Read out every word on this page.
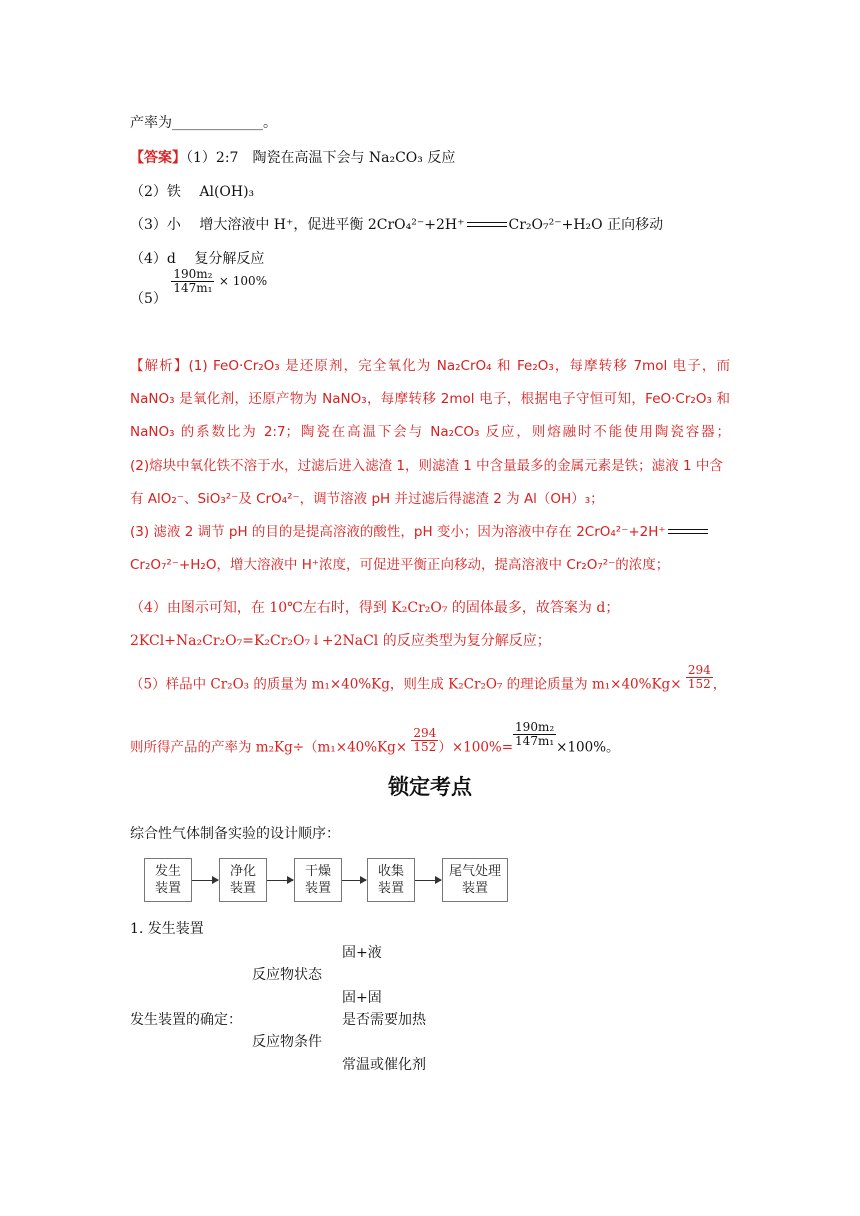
产率为_____________。
【答案】（1）2:7　陶瓷在高温下会与 Na₂CO₃ 反应
（2）铁　 Al(OH)₃
（3）小　 增大溶液中 H⁺，促进平衡 2CrO₄²⁻+2H⁺	Cr₂O₇²⁻+H₂O 正向移动
（4）d　 复分解反应
（5）
$\frac{\text{190m₂}}{\text{147m₁}} \times 100\%$
【解析】(1) FeO·Cr₂O₃ 是还原剂，完全氧化为 Na₂CrO₄ 和 Fe₂O₃，每摩转移 7mol 电子，而 NaNO₃ 是氧化剂，还原产物为 NaNO₃，每摩转移 2mol 电子，根据电子守恒可知，FeO·Cr₂O₃ 和 NaNO₃ 的系数比为 2:7；陶瓷在高温下会与 Na₂CO₃ 反应，则熔融时不能使用陶瓷容器；
(2)熔块中氧化铁不溶于水，过滤后进入滤渣 1，则滤渣 1 中含量最多的金属元素是铁；滤液 1 中含有 AlO₂⁻、SiO₃²⁻及 CrO₄²⁻，调节溶液 pH 并过滤后得滤渣 2 为 Al（OH）₃；
(3) 滤液 2 调节 pH 的目的是提高溶液的酸性，pH 变小；因为溶液中存在 2CrO₄²⁻+2H⁺Cr₂O₇²⁻+H₂O，增大溶液中 H⁺浓度，可促进平衡正向移动，提高溶液中 Cr₂O₇²⁻的浓度；
（4）由图示可知，在 10℃左右时，得到 K₂Cr₂O₇ 的固体最多，故答案为 d；
2KCl+Na₂Cr₂O₇=K₂Cr₂O₇↓+2NaCl 的反应类型为复分解反应；
（5）样品中 Cr₂O₃ 的质量为 m₁×40%Kg，则生成 K₂Cr₂O₇ 的理论质量为 $m_1\times 40\%Kg\times \frac{294}{152}$ ，
则所得产品的产率为 $m_2Kg\div(m_1\times 40\%Kg\times \frac{294}{152} )\times 100\%=$
$\frac{\text{190m₂}}{\text{147m₁}}$
×100%。
锁定考点
综合性气体制备实验的设计顺序：
发生
装置
净化
装置
干燥
装置
收集
装置
尾气处理
装置
1. 发生装置
固+液
反应物状态
固+固
发生装置的确定：	是否需要加热
反应物条件
常温或催化剂
